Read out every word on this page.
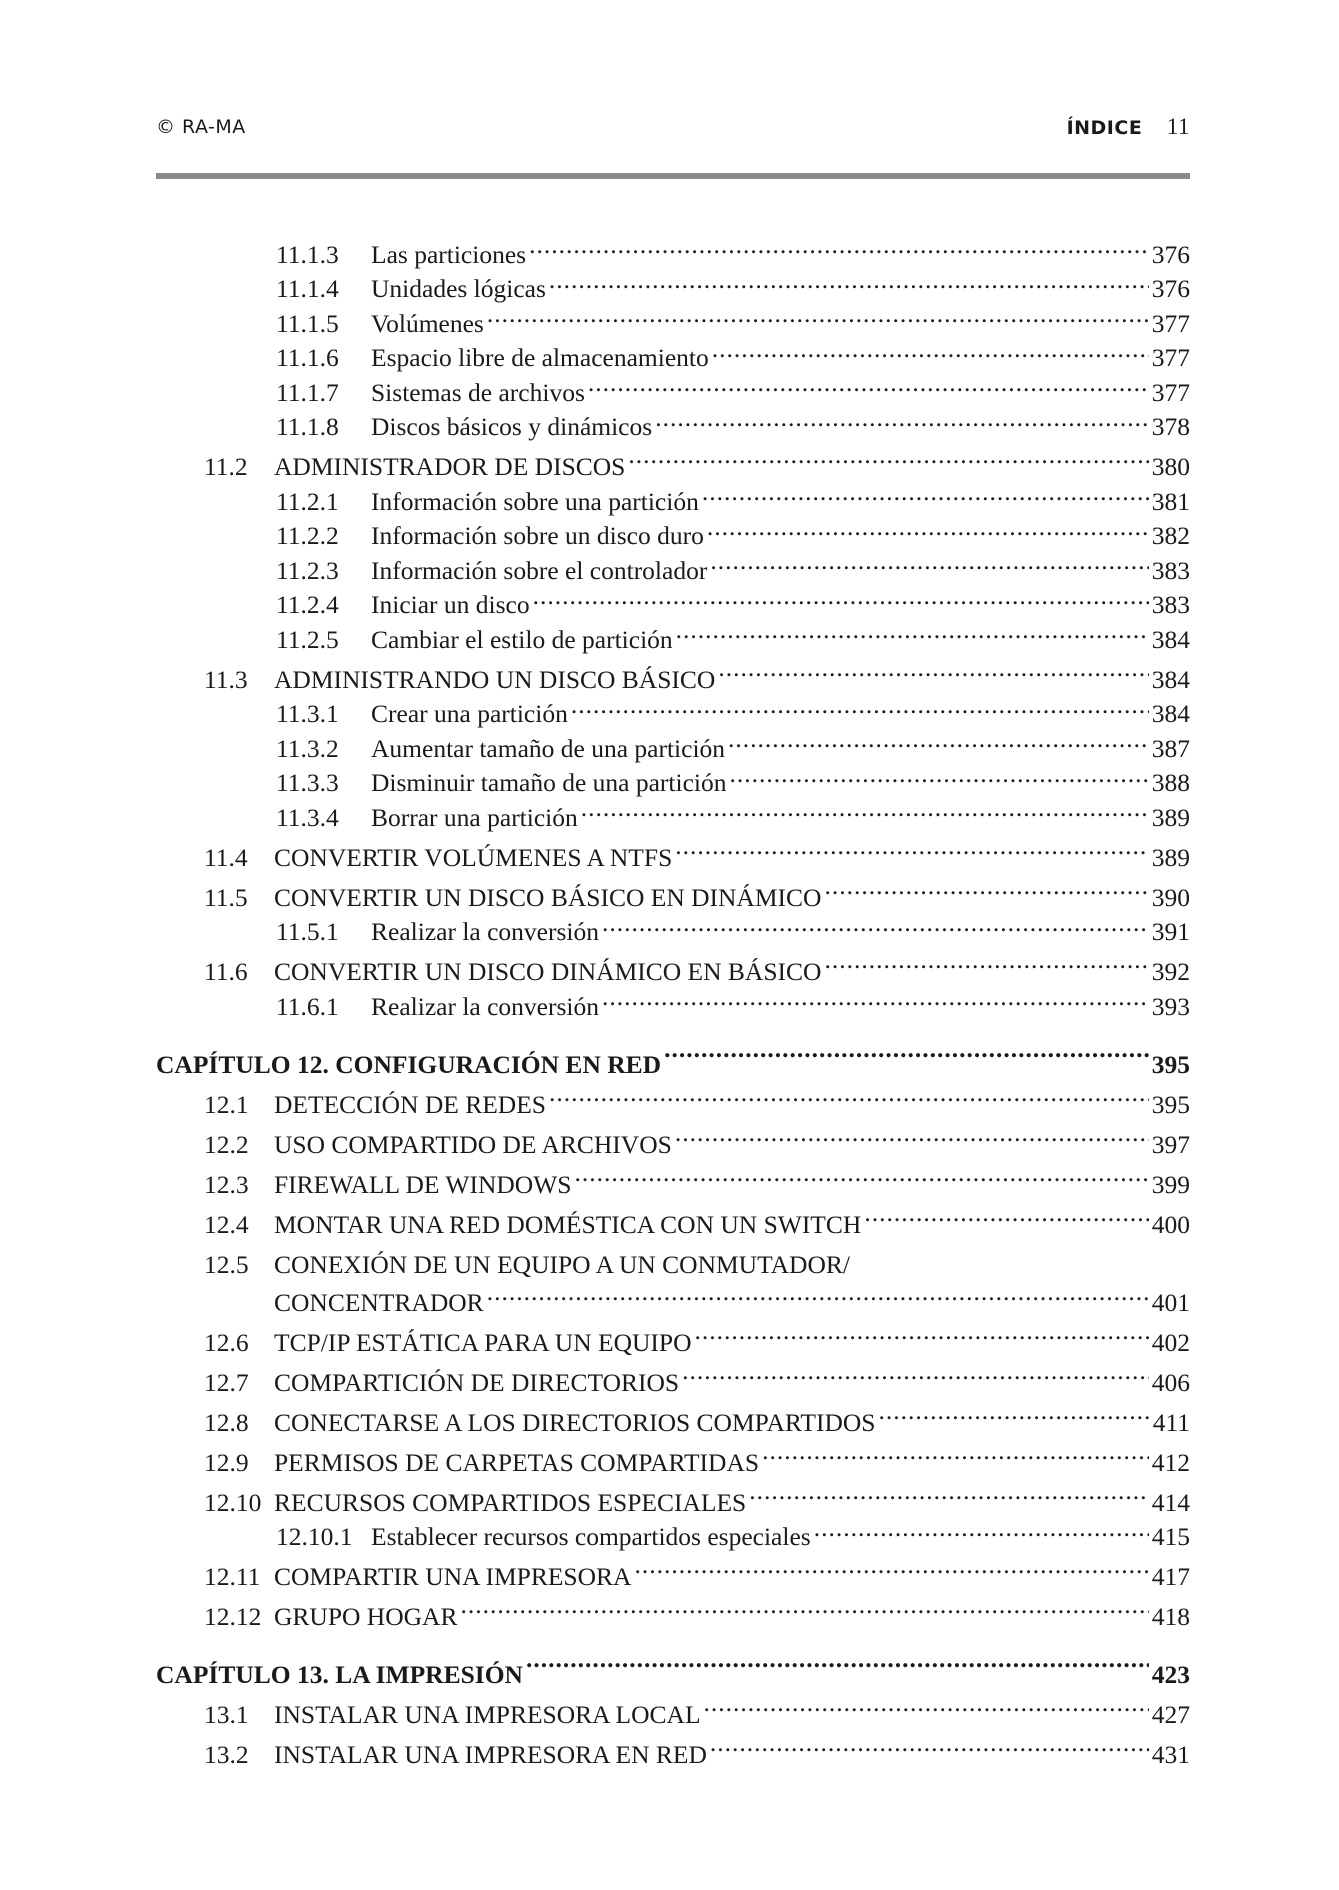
© RA-MA	ÍNDICE 11
11.1.3	Las particiones .....	376
11.1.4	Unidades lógicas .....	376
11.1.5	Volúmenes .....	377
11.1.6	Espacio libre de almacenamiento .....	377
11.1.7	Sistemas de archivos .....	377
11.1.8	Discos básicos y dinámicos .....	378
11.2	ADMINISTRADOR DE DISCOS .....	380
11.2.1	Información sobre una partición .....	381
11.2.2	Información sobre un disco duro .....	382
11.2.3	Información sobre el controlador .....	383
11.2.4	Iniciar un disco .....	383
11.2.5	Cambiar el estilo de partición .....	384
11.3	ADMINISTRANDO UN DISCO BÁSICO .....	384
11.3.1	Crear una partición .....	384
11.3.2	Aumentar tamaño de una partición .....	387
11.3.3	Disminuir tamaño de una partición .....	388
11.3.4	Borrar una partición .....	389
11.4	CONVERTIR VOLÚMENES A NTFS .....	389
11.5	CONVERTIR UN DISCO BÁSICO EN DINÁMICO .....	390
11.5.1	Realizar la conversión .....	391
11.6	CONVERTIR UN DISCO DINÁMICO EN BÁSICO .....	392
11.6.1	Realizar la conversión .....	393
CAPÍTULO 12. CONFIGURACIÓN EN RED .....	395
12.1 DETECCIÓN DE REDES .....	395
12.2 USO COMPARTIDO DE ARCHIVOS .....	397
12.3 FIREWALL DE WINDOWS .....	399
12.4 MONTAR UNA RED DOMÉSTICA CON UN SWITCH .....	400
12.5 CONEXIÓN DE UN EQUIPO A UN CONMUTADOR/
CONCENTRADOR .....	401
12.6 TCP/IP ESTÁTICA PARA UN EQUIPO .....	402
12.7 COMPARTICIÓN DE DIRECTORIOS .....	406
12.8 CONECTARSE A LOS DIRECTORIOS COMPARTIDOS .....	411
12.9 PERMISOS DE CARPETAS COMPARTIDAS .....	412
12.10 RECURSOS COMPARTIDOS ESPECIALES .....	414
12.10.1 Establecer recursos compartidos especiales .....	415
12.11 COMPARTIR UNA IMPRESORA .....	417
12.12 GRUPO HOGAR .....	418
CAPÍTULO 13. LA IMPRESIÓN .....	423
13.1 INSTALAR UNA IMPRESORA LOCAL .....	427
13.2 INSTALAR UNA IMPRESORA EN RED .....	431
